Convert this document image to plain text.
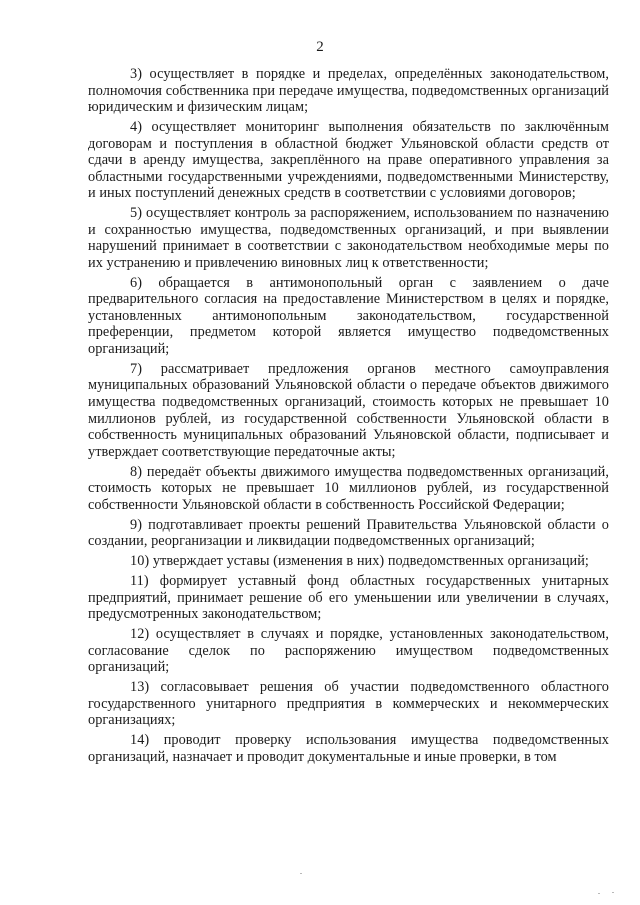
2

3) осуществляет в порядке и пределах, определённых законодательством, полномочия собственника при передаче имущества, подведомственных организаций юридическим и физическим лицам;

4) осуществляет мониторинг выполнения обязательств по заключённым договорам и поступления в областной бюджет Ульяновской области средств от сдачи в аренду имущества, закреплённого на праве оперативного управления за областными государственными учреждениями, подведомственными Министерству, и иных поступлений денежных средств в соответствии с условиями договоров;

5) осуществляет контроль за распоряжением, использованием по назначению и сохранностью имущества, подведомственных организаций, и при выявлении нарушений принимает в соответствии с законодательством необходимые меры по их устранению и привлечению виновных лиц к ответственности;

6) обращается в антимонопольный орган с заявлением о даче предварительного согласия на предоставление Министерством в целях и порядке, установленных антимонопольным законодательством, государственной преференции, предметом которой является имущество подведомственных организаций;

7) рассматривает предложения органов местного самоуправления муниципальных образований Ульяновской области о передаче объектов движимого имущества подведомственных организаций, стоимость которых не превышает 10 миллионов рублей, из государственной собственности Ульяновской области в собственность муниципальных образований Ульяновской области, подписывает и утверждает соответствующие передаточные акты;

8) передаёт объекты движимого имущества подведомственных организаций, стоимость которых не превышает 10 миллионов рублей, из государственной собственности Ульяновской области в собственность Российской Федерации;

9) подготавливает проекты решений Правительства Ульяновской области о создании, реорганизации и ликвидации подведомственных организаций;

10) утверждает уставы (изменения в них) подведомственных организаций;

11) формирует уставный фонд областных государственных унитарных предприятий, принимает решение об его уменьшении или увеличении в случаях, предусмотренных законодательством;

12) осуществляет в случаях и порядке, установленных законодательством, согласование сделок по распоряжению имуществом подведомственных организаций;

13) согласовывает решения об участии подведомственного областного государственного унитарного предприятия в коммерческих и некоммерческих организациях;

14) проводит проверку использования имущества подведомственных организаций, назначает и проводит документальные и иные проверки, в том
